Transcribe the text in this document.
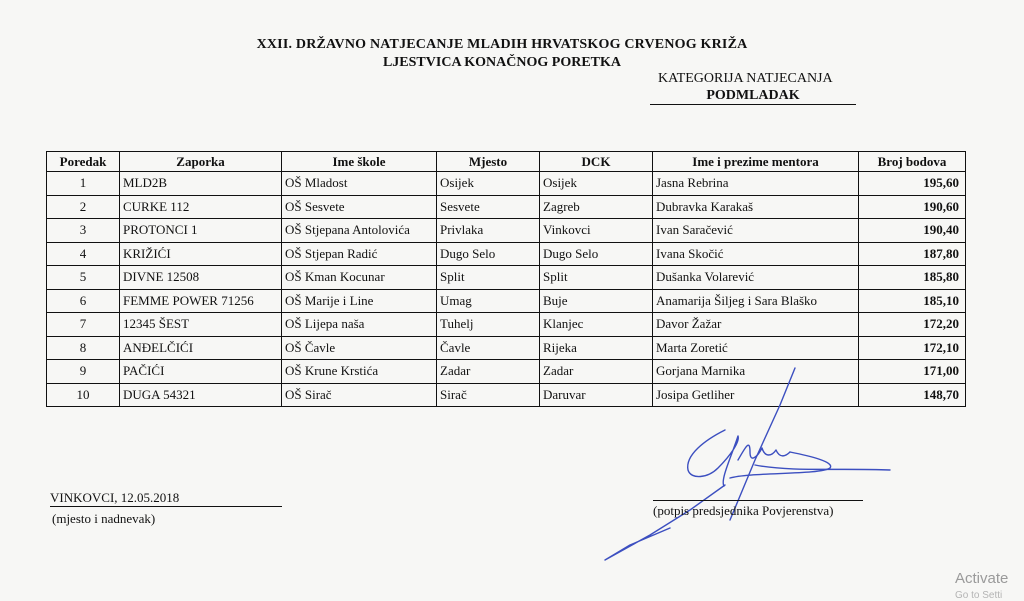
XXII. DRŽAVNO NATJECANJE MLADIH HRVATSKOG CRVENOG KRIŽA
LJESTVICA KONAČNOG PORETKA
KATEGORIJA NATJECANJA
PODMLADAK
Poredak	Zaporka	Ime škole	Mjesto	DCK	Ime i prezime mentora	Broj bodova
1	MLD2B	OŠ Mladost	Osijek	Osijek	Jasna Rebrina	195,60
2	CURKE 112	OŠ Sesvete	Sesvete	Zagreb	Dubravka Karakaš	190,60
3	PROTONCI 1	OŠ Stjepana Antolovića	Privlaka	Vinkovci	Ivan Saračević	190,40
4	KRIŽIĆI	OŠ Stjepan Radić	Dugo Selo	Dugo Selo	Ivana Skočić	187,80
5	DIVNE 12508	OŠ Kman Kocunar	Split	Split	Dušanka Volarević	185,80
6	FEMME POWER 71256	OŠ Marije i Line	Umag	Buje	Anamarija Šiljeg i Sara Blaško	185,10
7	12345 ŠEST	OŠ Lijepa naša	Tuhelj	Klanjec	Davor Žažar	172,20
8	ANĐELČIĆI	OŠ Čavle	Čavle	Rijeka	Marta Zoretić	172,10
9	PAČIĆI	OŠ Krune Krstića	Zadar	Zadar	Gorjana Marnika	171,00
10	DUGA 54321	OŠ Sirač	Sirač	Daruvar	Josipa Getliher	148,70
VINKOVCI, 12.05.2018
(mjesto i nadnevak)
(potpis predsjednika Povjerenstva)
Activate
Go to Setti
